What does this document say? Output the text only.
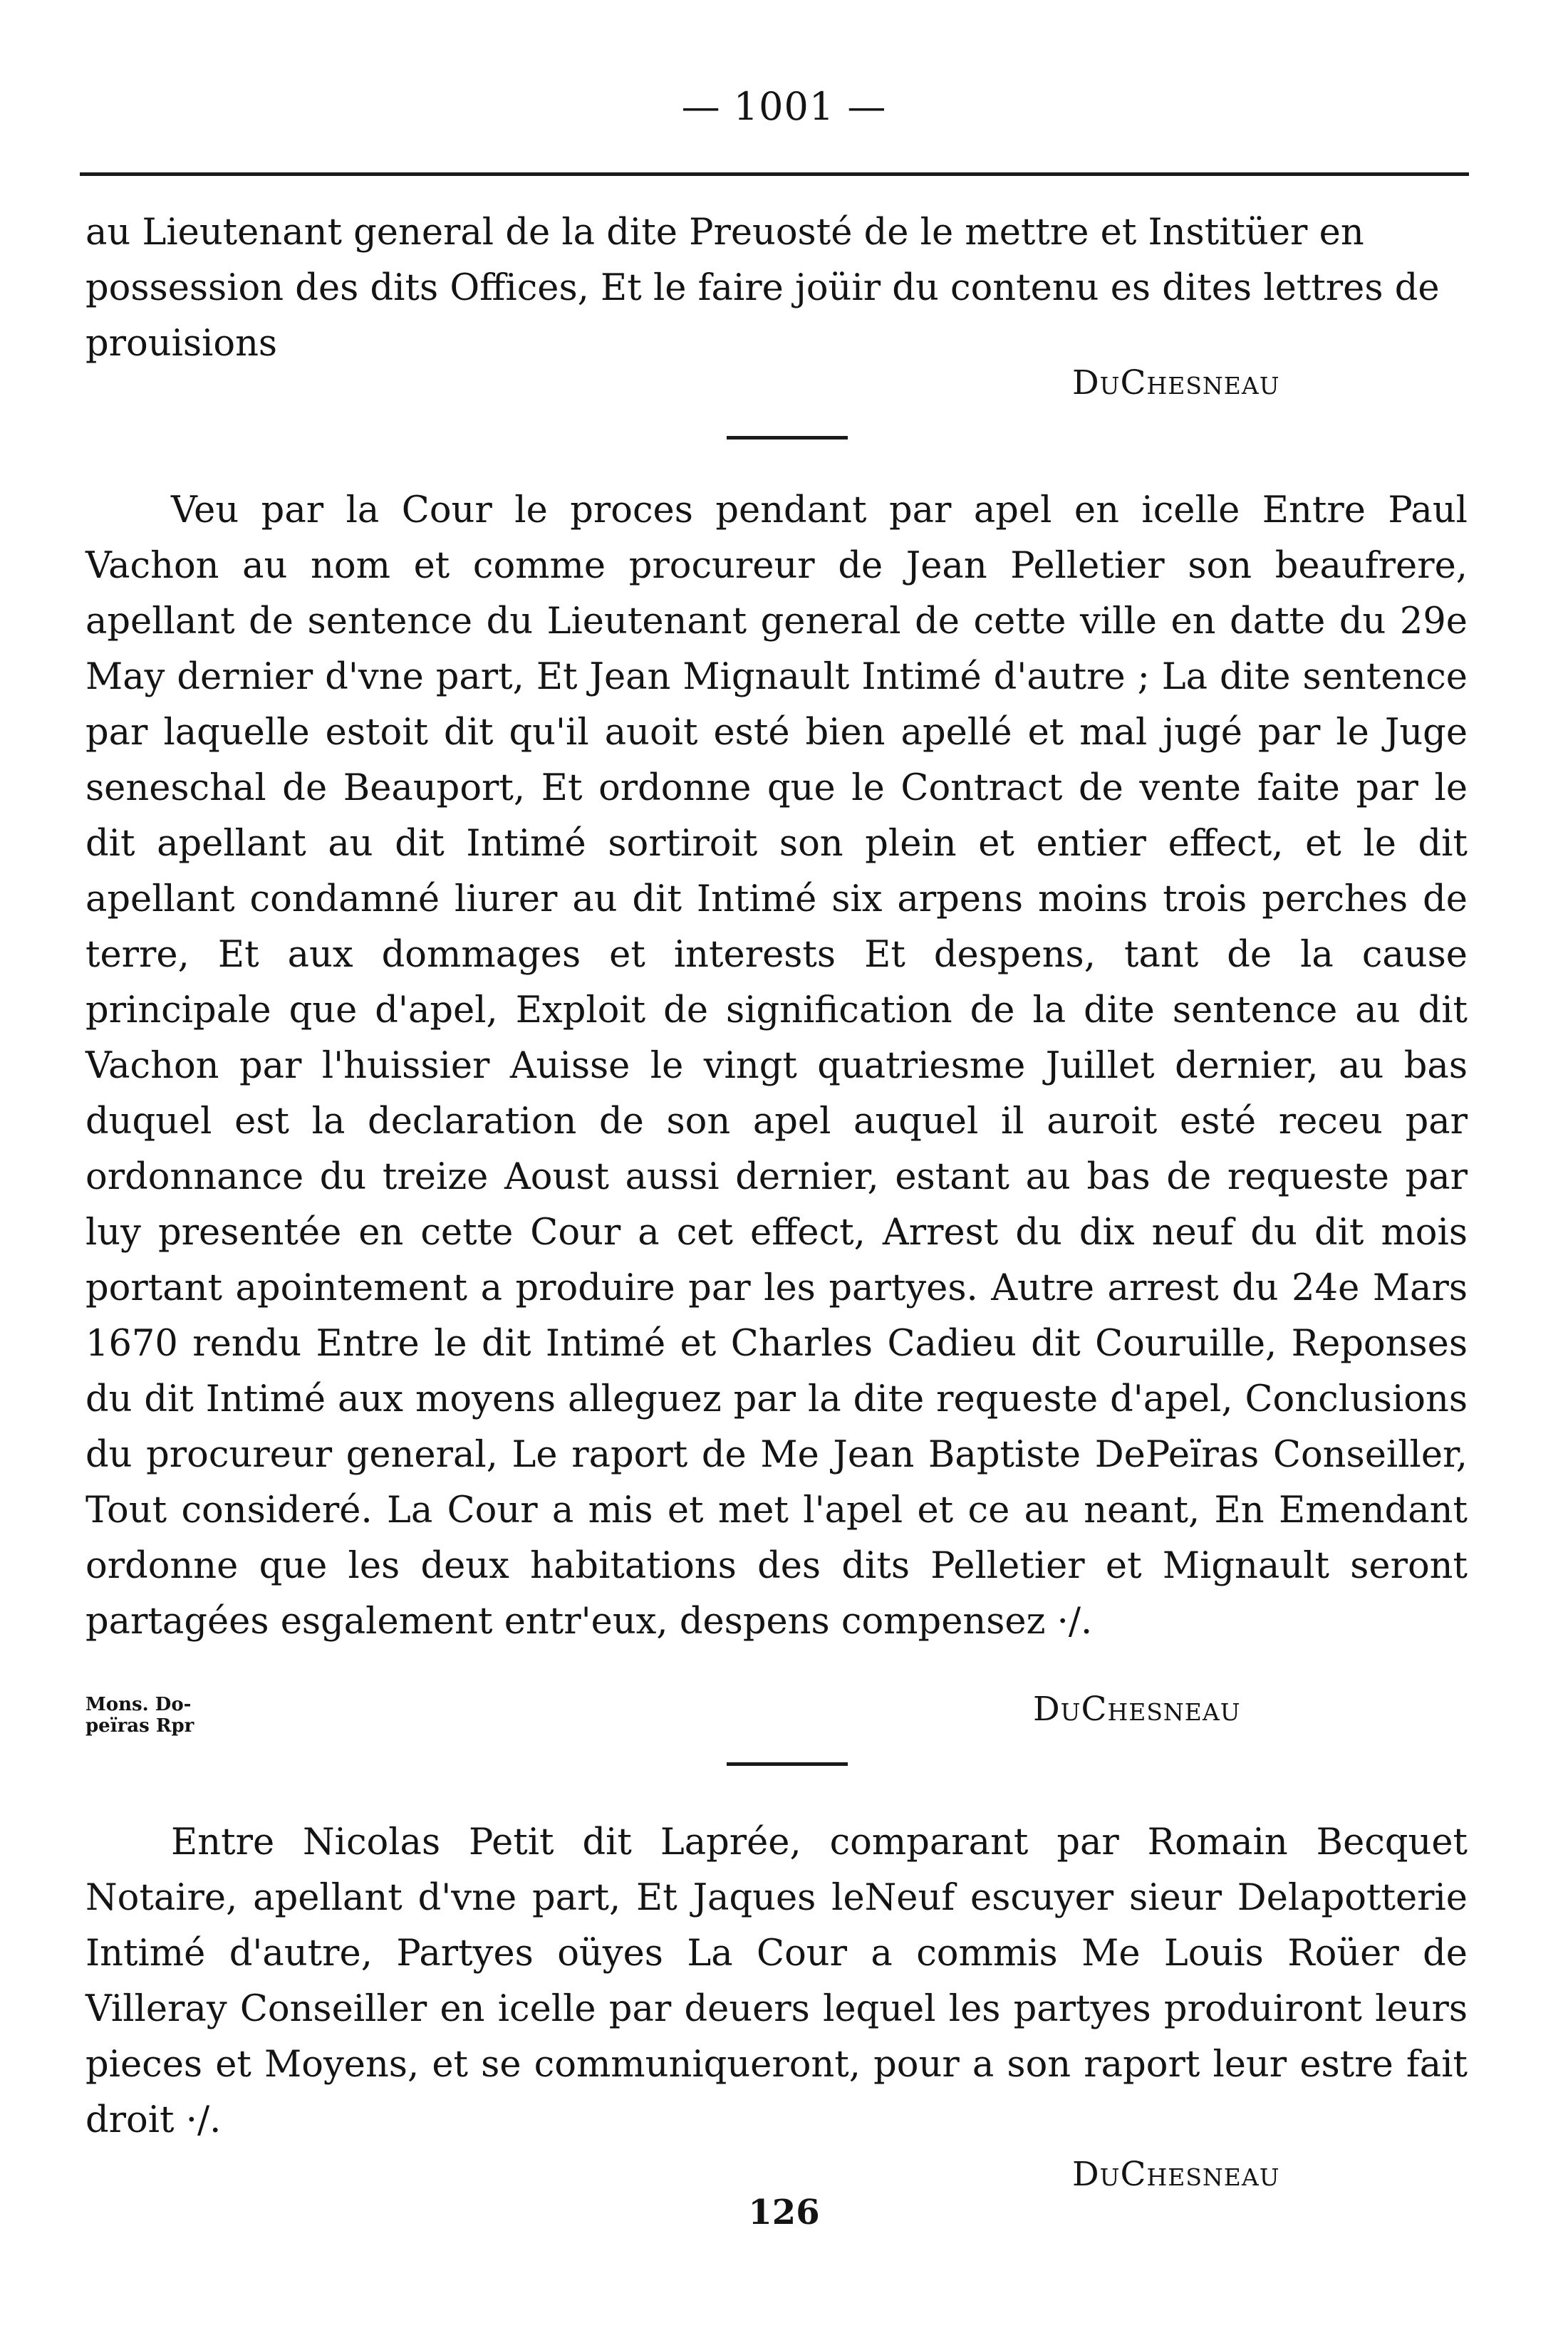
— 1001 —

au Lieutenant general de la dite Preuosté de le mettre et Institüer en possession des dits Offices, Et le faire joüir du contenu es dites lettres de prouisions

DuChesneau

Veu par la Cour le proces pendant par apel en icelle Entre Paul Vachon au nom et comme procureur de Jean Pelletier son beaufrere, apellant de sentence du Lieutenant general de cette ville en datte du 29e May dernier d'vne part, Et Jean Mignault Intimé d'autre ; La dite sentence par laquelle estoit dit qu'il auoit esté bien apellé et mal jugé par le Juge seneschal de Beauport, Et ordonne que le Contract de vente faite par le dit apellant au dit Intimé sortiroit son plein et entier effect, et le dit apellant condamné liurer au dit Intimé six arpens moins trois perches de terre, Et aux dommages et interests Et despens, tant de la cause principale que d'apel, Exploit de signification de la dite sentence au dit Vachon par l'huissier Auisse le vingt quatriesme Juillet dernier, au bas duquel est la declaration de son apel auquel il auroit esté receu par ordonnance du treize Aoust aussi dernier, estant au bas de requeste par luy presentée en cette Cour a cet effect, Arrest du dix neuf du dit mois portant apointement a produire par les partyes. Autre arrest du 24e Mars 1670 rendu Entre le dit Intimé et Charles Cadieu dit Couruille, Reponses du dit Intimé aux moyens alleguez par la dite requeste d'apel, Conclusions du procureur general, Le raport de Me Jean Baptiste DePeïras Conseiller, Tout consideré. La Cour a mis et met l'apel et ce au neant, En Emendant ordonne que les deux habitations des dits Pelletier et Mignault seront partagées esgalement entr'eux, despens compensez ·/.

Mons. Do- peïras Rpr	DuChesneau

Entre Nicolas Petit dit Laprée, comparant par Romain Becquet Notaire, apellant d'vne part, Et Jaques leNeuf escuyer sieur Delapotterie Intimé d'autre, Partyes oüyes La Cour a commis Me Louis Roüer de Villeray Conseiller en icelle par deuers lequel les partyes produiront leurs pieces et Moyens, et se communiqueront, pour a son raport leur estre fait droit ·/.

DuChesneau
126
